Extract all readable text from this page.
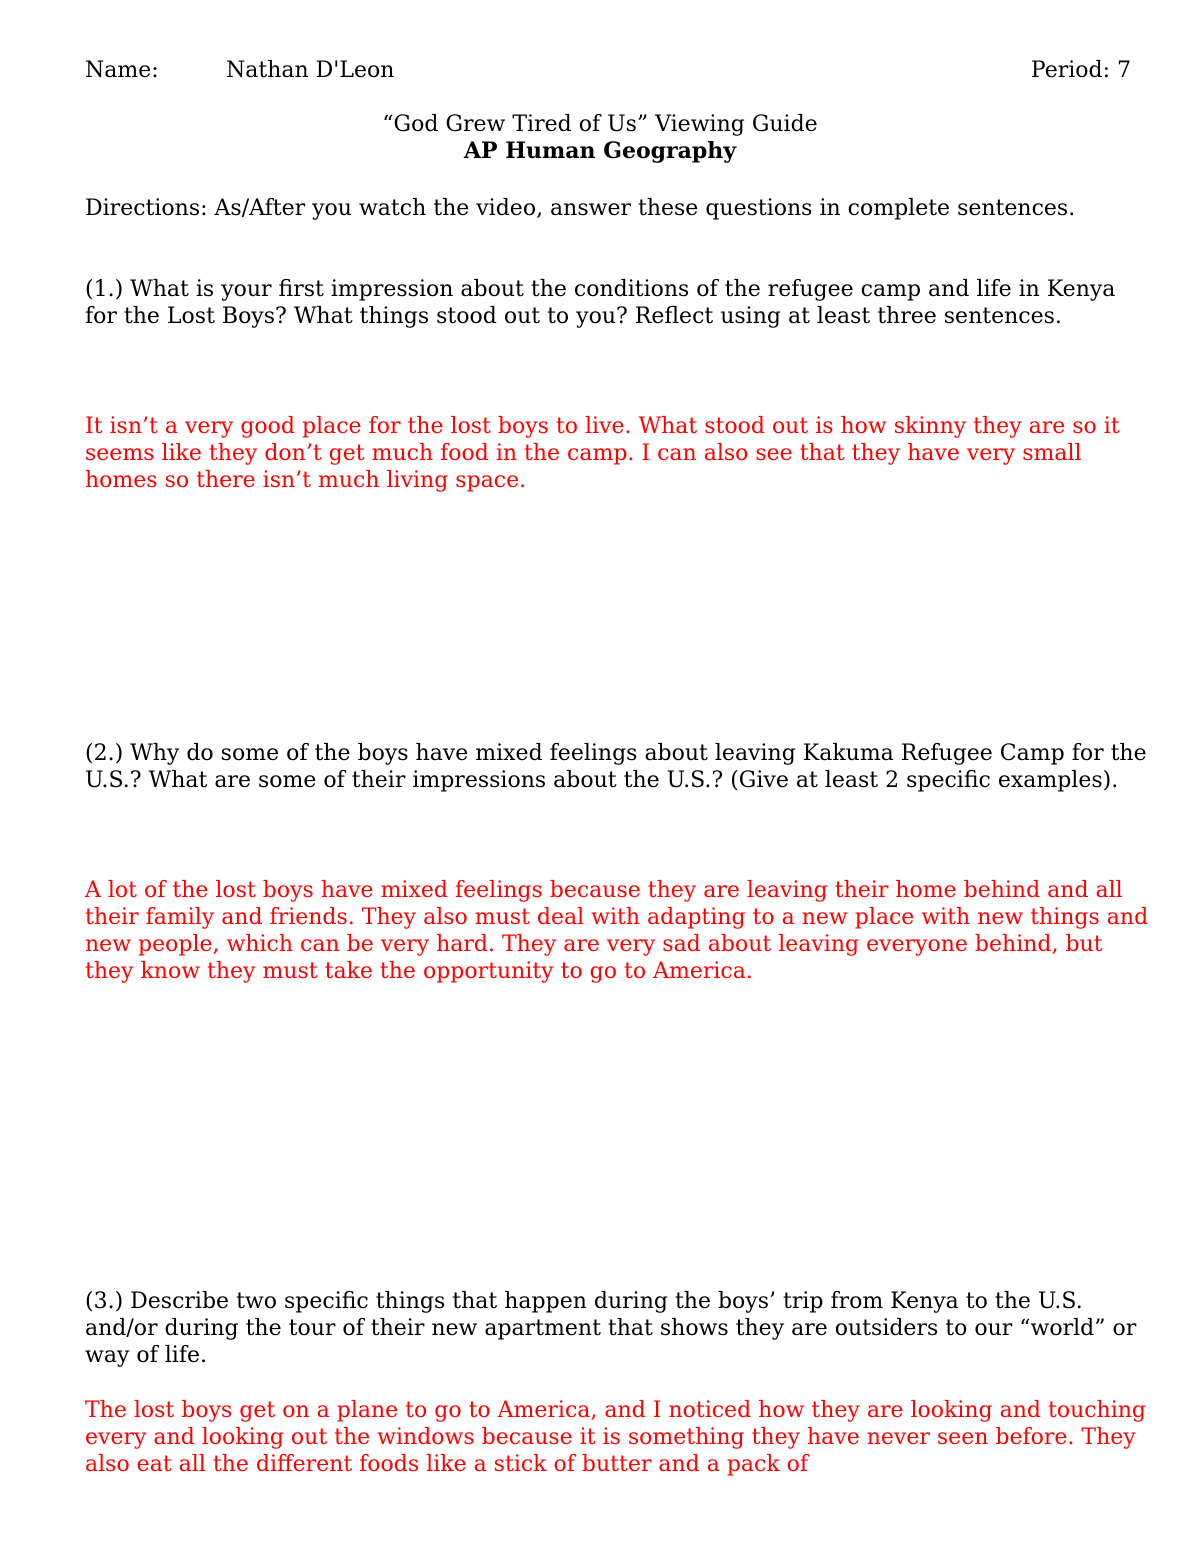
Name:	Nathan D'Leon	Period: 7
“God Grew Tired of Us” Viewing Guide
AP Human Geography

Directions: As/After you watch the video, answer these questions in complete sentences.

(1.) What is your first impression about the conditions of the refugee camp and life in Kenya for the Lost Boys? What things stood out to you? Reflect using at least three sentences.

It isn’t a very good place for the lost boys to live. What stood out is how skinny they are so it seems like they don’t get much food in the camp. I can also see that they have very small homes so there isn’t much living space.

(2.) Why do some of the boys have mixed feelings about leaving Kakuma Refugee Camp for the U.S.? What are some of their impressions about the U.S.? (Give at least 2 specific examples).

A lot of the lost boys have mixed feelings because they are leaving their home behind and all their family and friends. They also must deal with adapting to a new place with new things and new people, which can be very hard. They are very sad about leaving everyone behind, but they know they must take the opportunity to go to America.

(3.) Describe two specific things that happen during the boys’ trip from Kenya to the U.S. and/or during the tour of their new apartment that shows they are outsiders to our “world” or way of life.

The lost boys get on a plane to go to America, and I noticed how they are looking and touching every and looking out the windows because it is something they have never seen before. They also eat all the different foods like a stick of butter and a pack of
